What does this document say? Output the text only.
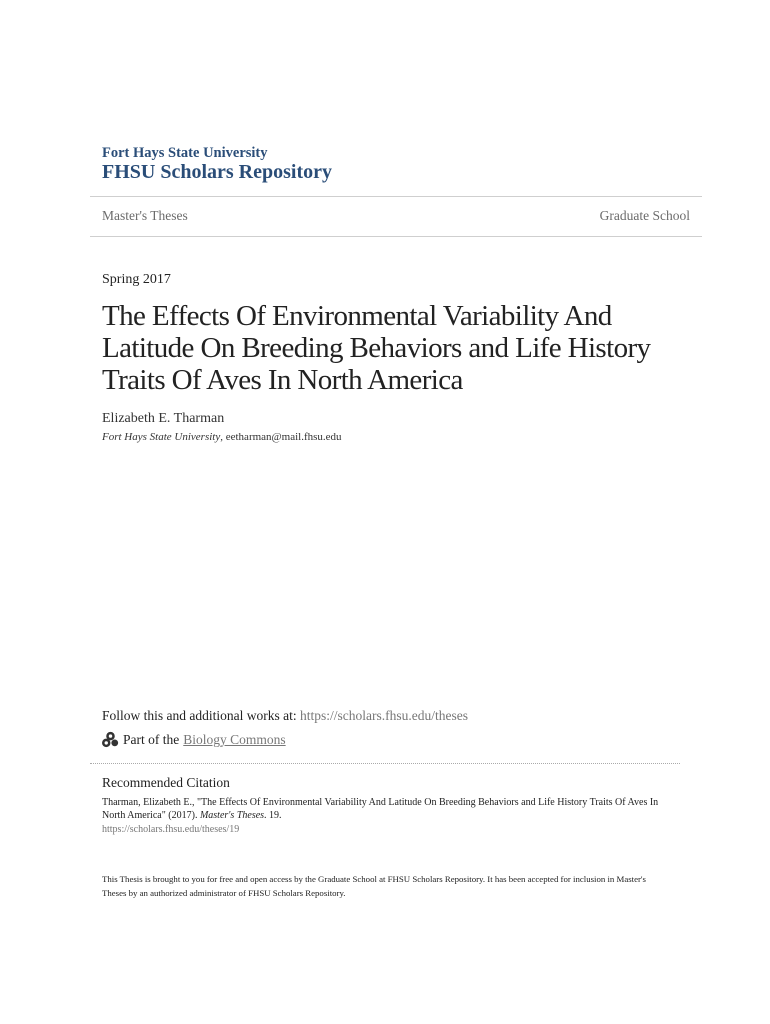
Fort Hays State University
FHSU Scholars Repository
Master's Theses	Graduate School
Spring 2017
The Effects Of Environmental Variability And
Latitude On Breeding Behaviors and Life History
Traits Of Aves In North America
Elizabeth E. Tharman
Fort Hays State University, eetharman@mail.fhsu.edu
Follow this and additional works at: https://scholars.fhsu.edu/theses
Part of the Biology Commons
Recommended Citation
Tharman, Elizabeth E., "The Effects Of Environmental Variability And Latitude On Breeding Behaviors and Life History Traits Of Aves In North America" (2017). Master's Theses. 19.
https://scholars.fhsu.edu/theses/19
This Thesis is brought to you for free and open access by the Graduate School at FHSU Scholars Repository. It has been accepted for inclusion in Master's Theses by an authorized administrator of FHSU Scholars Repository.
